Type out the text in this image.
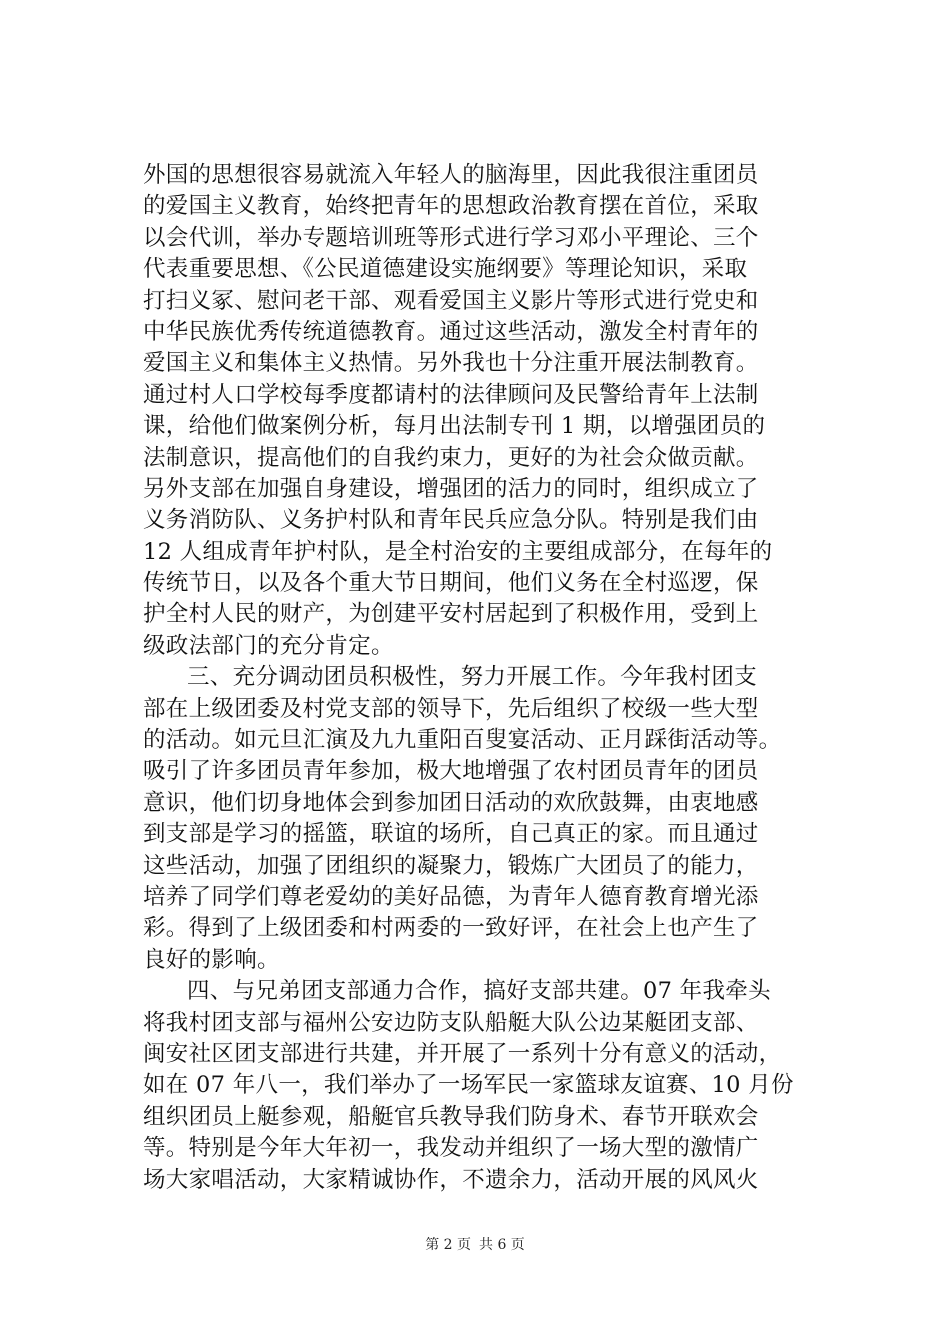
外国的思想很容易就流入年轻人的脑海里，因此我很注重团员
的爱国主义教育，始终把青年的思想政治教育摆在首位，采取
以会代训，举办专题培训班等形式进行学习邓小平理论、三个
代表重要思想、《公民道德建设实施纲要》等理论知识，采取
打扫义冢、慰问老干部、观看爱国主义影片等形式进行党史和
中华民族优秀传统道德教育。通过这些活动，激发全村青年的
爱国主义和集体主义热情。另外我也十分注重开展法制教育。
通过村人口学校每季度都请村的法律顾问及民警给青年上法制
课，给他们做案例分析，每月出法制专刊 1 期，以增强团员的
法制意识，提高他们的自我约束力，更好的为社会众做贡献。
另外支部在加强自身建设，增强团的活力的同时，组织成立了
义务消防队、义务护村队和青年民兵应急分队。特别是我们由
12 人组成青年护村队，是全村治安的主要组成部分，在每年的
传统节日，以及各个重大节日期间，他们义务在全村巡逻，保
护全村人民的财产，为创建平安村居起到了积极作用，受到上
级政法部门的充分肯定。
三、充分调动团员积极性，努力开展工作。今年我村团支
部在上级团委及村党支部的领导下，先后组织了校级一些大型
的活动。如元旦汇演及九九重阳百叟宴活动、正月踩街活动等。
吸引了许多团员青年参加，极大地增强了农村团员青年的团员
意识，他们切身地体会到参加团日活动的欢欣鼓舞，由衷地感
到支部是学习的摇篮，联谊的场所，自己真正的家。而且通过
这些活动，加强了团组织的凝聚力，锻炼广大团员了的能力，
培养了同学们尊老爱幼的美好品德，为青年人德育教育增光添
彩。得到了上级团委和村两委的一致好评，在社会上也产生了
良好的影响。
四、与兄弟团支部通力合作，搞好支部共建。07 年我牵头
将我村团支部与福州公安边防支队船艇大队公边某艇团支部、
闽安社区团支部进行共建，并开展了一系列十分有意义的活动，
如在 07 年八一，我们举办了一场军民一家篮球友谊赛、10 月份
组织团员上艇参观，船艇官兵教导我们防身术、春节开联欢会
等。特别是今年大年初一，我发动并组织了一场大型的激情广
场大家唱活动，大家精诚协作，不遗余力，活动开展的风风火
第 2 页 共 6 页
